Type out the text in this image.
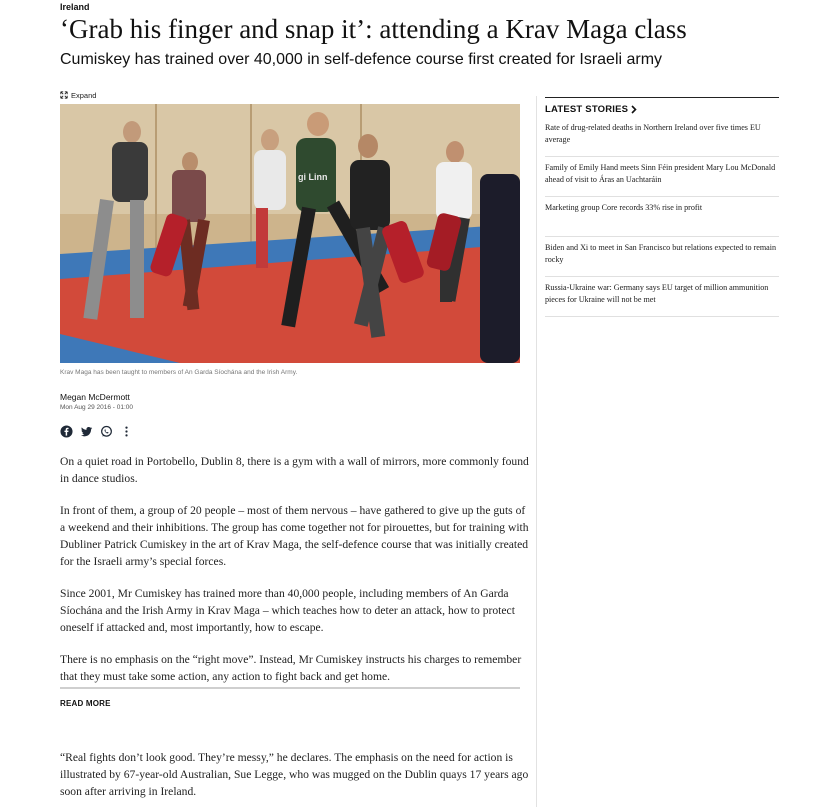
Ireland
‘Grab his finger and snap it’: attending a Krav Maga class

Cumiskey has trained over 40,000 in self-defence course first created for Israeli army

Expand
gi Linn
Krav Maga has been taught to members of An Garda Síochána and the Irish Army.
Megan McDermott
Mon Aug 29 2016 - 01:00

On a quiet road in Portobello, Dublin 8, there is a gym with a wall of mirrors, more commonly found in dance studios.

In front of them, a group of 20 people – most of them nervous – have gathered to give up the guts of a weekend and their inhibitions. The group has come together not for pirouettes, but for training with Dubliner Patrick Cumiskey in the art of Krav Maga, the self-defence course that was initially created for the Israeli army’s special forces.

Since 2001, Mr Cumiskey has trained more than 40,000 people, including members of An Garda Síochána and the Irish Army in Krav Maga – which teaches how to deter an attack, how to protect oneself if attacked and, most importantly, how to escape.

There is no emphasis on the “right move”. Instead, Mr Cumiskey instructs his charges to remember that they must take some action, any action to fight back and get home.

READ MORE

“Real fights don’t look good. They’re messy,” he declares. The emphasis on the need for action is illustrated by 67-year-old Australian, Sue Legge, who was mugged on the Dublin quays 17 years ago soon after arriving in Ireland.

LATEST STORIES
Rate of drug-related deaths in Northern Ireland over five times EU average
Family of Emily Hand meets Sinn Féin president Mary Lou McDonald ahead of visit to Áras an Uachtaráin
Marketing group Core records 33% rise in profit
Biden and Xi to meet in San Francisco but relations expected to remain rocky
Russia-Ukraine war: Germany says EU target of million ammunition pieces for Ukraine will not be met
